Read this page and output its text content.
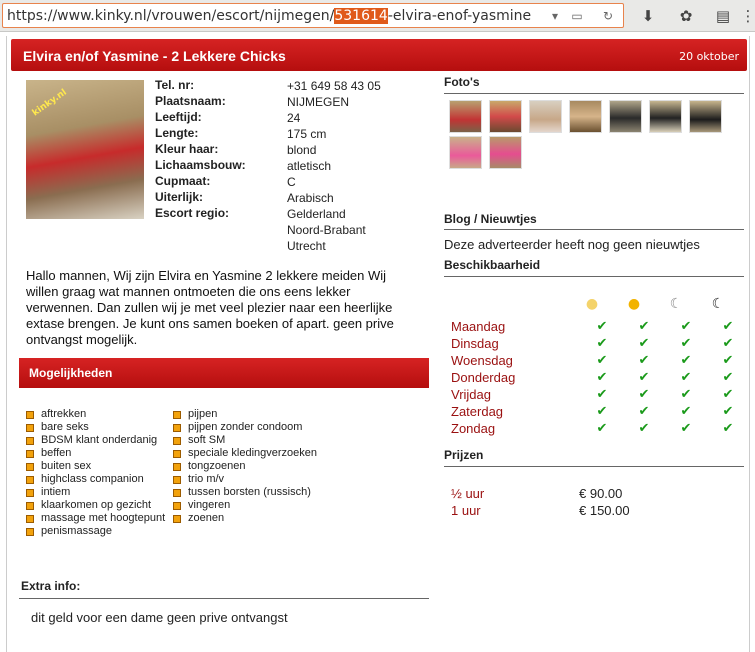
https://www.kinky.nl/vrouwen/escort/nijmegen/531614-elvira-enof-yasmine	▾	▭	↻ ⬇ ✿ ▤ ⋮
Elvira en/of Yasmine - 2 Lekkere Chicks	20 oktober
kinky.nl
Tel. nr:	+31 649 58 43 05
Plaatsnaam:	NIJMEGEN
Leeftijd:	24
Lengte:	175 cm
Kleur haar:	blond
Lichaamsbouw:	atletisch
Cupmaat:	C
Uiterlijk:	Arabisch
Escort regio:	Gelderland
Noord-Brabant
Utrecht

Hallo mannen, Wij zijn Elvira en Yasmine 2 lekkere meiden Wij willen graag wat mannen ontmoeten die ons eens lekker verwennen. Dan zullen wij je met veel plezier naar een heerlijke extase brengen. Je kunt ons samen boeken of apart. geen prive ontvangst mogelijk.

Mogelijkheden
aftrekken
bare seks
BDSM klant onderdanig
beffen
buiten sex
highclass companion
intiem
klaarkomen op gezicht
massage met hoogtepunt
penismassage
pijpen
pijpen zonder condoom
soft SM
speciale kledingverzoeken
tongzoenen
trio m/v
tussen borsten (russisch)
vingeren
zoenen
Extra info:
dit geld voor een dame geen prive ontvangst
Foto's
Blog / Nieuwtjes
Deze adverteerder heeft nog geen nieuwtjes
Beschikbaarheid
● ● ☾ ☾
Maandag	✔ ✔ ✔ ✔
Dinsdag	✔ ✔ ✔ ✔
Woensdag	✔ ✔ ✔ ✔
Donderdag	✔ ✔ ✔ ✔
Vrijdag	✔ ✔ ✔ ✔
Zaterdag	✔ ✔ ✔ ✔
Zondag	✔ ✔ ✔ ✔
Prijzen
½ uur	€ 90.00
1 uur	€ 150.00
